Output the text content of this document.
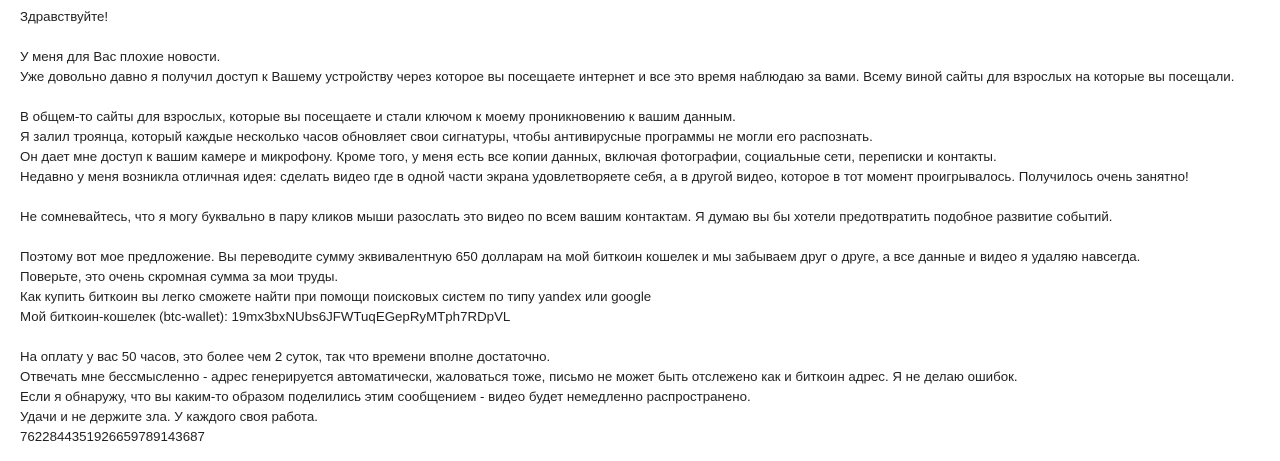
Здравствуйте!
У меня для Вас плохие новости.
Уже довольно давно я получил доступ к Вашему устройству через которое вы посещаете интернет и все это время наблюдаю за вами. Всему виной сайты для взрослых на которые вы посещали.
В общем-то сайты для взрослых, которые вы посещаете и стали ключом к моему проникновению к вашим данным.
Я залил троянца, который каждые несколько часов обновляет свои сигнатуры, чтобы антивирусные программы не могли его распознать.
Он дает мне доступ к вашим камере и микрофону. Кроме того, у меня есть все копии данных, включая фотографии, социальные сети, переписки и контакты.
Недавно у меня возникла отличная идея: сделать видео где в одной части экрана удовлетворяете себя, а в другой видео, которое в тот момент проигрывалось. Получилось очень занятно!
Не сомневайтесь, что я могу буквально в пару кликов мыши разослать это видео по всем вашим контактам. Я думаю вы бы хотели предотвратить подобное развитие событий.
Поэтому вот мое предложение. Вы переводите сумму эквивалентную 650 долларам на мой биткоин кошелек и мы забываем друг о друге, а все данные и видео я удаляю навсегда.
Поверьте, это очень скромная сумма за мои труды.
Как купить биткоин вы легко сможете найти при помощи поисковых систем по типу yandex или google
Мой биткоин-кошелек (btc-wallet): 19mx3bxNUbs6JFWTuqEGepRyMTph7RDpVL
На оплату у вас 50 часов, это более чем 2 суток, так что времени вполне достаточно.
Отвечать мне бессмысленно - адрес генерируется автоматически, жаловаться тоже, письмо не может быть отслежено как и биткоин адрес. Я не делаю ошибок.
Если я обнаружу, что вы каким-то образом поделились этим сообщением - видео будет немедленно распространено.
Удачи и не держите зла. У каждого своя работа.
76228443519266597891436​87
